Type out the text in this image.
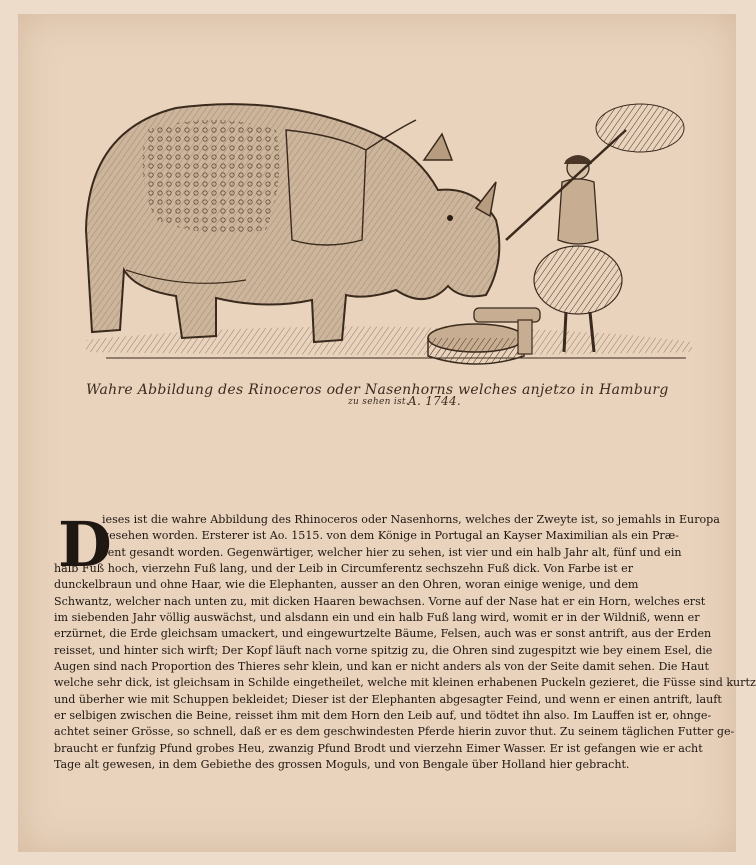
Wahre Abbildung des Rinoceros oder Nasenhorns welches anjetzo in Hamburg
zu sehen ist. A. 1744.
D
ieses ist die wahre Abbildung des Rhinoceros oder Nasenhorns, welches der Zweyte ist, so jemahls in Europa
gesehen worden. Ersterer ist Ao. 1515. von dem Könige in Portugal an Kayser Maximilian als ein Præ-
sent gesandt worden. Gegenwärtiger, welcher hier zu sehen, ist vier und ein halb Jahr alt, fünf und ein
halb Fuß hoch, vierzehn Fuß lang, und der Leib in Circumferentz sechszehn Fuß dick. Von Farbe ist er
dunckelbraun und ohne Haar, wie die Elephanten, ausser an den Ohren, woran einige wenige, und dem
Schwantz, welcher nach unten zu, mit dicken Haaren bewachsen. Vorne auf der Nase hat er ein Horn, welches erst
im siebenden Jahr völlig auswächst, und alsdann ein und ein halb Fuß lang wird, womit er in der Wildniß, wenn er
erzürnet, die Erde gleichsam umackert, und eingewurtzelte Bäume, Felsen, auch was er sonst antrift, aus der Erden
reisset, und hinter sich wirft; Der Kopf läuft nach vorne spitzig zu, die Ohren sind zugespitzt wie bey einem Esel, die
Augen sind nach Proportion des Thieres sehr klein, und kan er nicht anders als von der Seite damit sehen. Die Haut
welche sehr dick, ist gleichsam in Schilde eingetheilet, welche mit kleinen erhabenen Puckeln gezieret, die Füsse sind kurtz
und überher wie mit Schuppen bekleidet; Dieser ist der Elephanten abgesagter Feind, und wenn er einen antrift, lauft
er selbigen zwischen die Beine, reisset ihm mit dem Horn den Leib auf, und tödtet ihn also. Im Lauffen ist er, ohnge-
achtet seiner Grösse, so schnell, daß er es dem geschwindesten Pferde hierin zuvor thut. Zu seinem täglichen Futter ge-
braucht er funfzig Pfund grobes Heu, zwanzig Pfund Brodt und vierzehn Eimer Wasser. Er ist gefangen wie er acht
Tage alt gewesen, in dem Gebiethe des grossen Moguls, und von Bengale über Holland hier gebracht.
